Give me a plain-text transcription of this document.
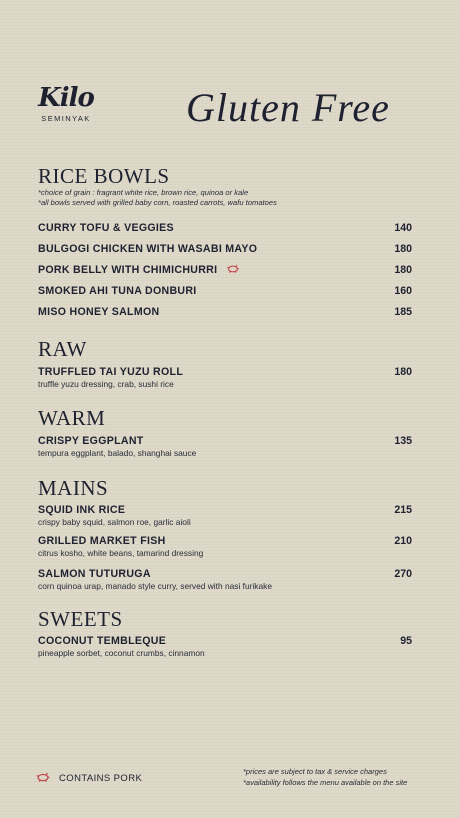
Kilo
SEMINYAK Gluten Free
RICE BOWLS
*choice of grain : fragrant white rice, brown rice, quinoa or kale
*all bowls served with grilled baby corn, roasted carrots, wafu tomatoes
CURRY TOFU & VEGGIES	140
BULGOGI CHICKEN WITH WASABI MAYO	180
PORK BELLY WITH CHIMICHURRI	180
SMOKED AHI TUNA DONBURI	160
MISO HONEY SALMON	185
RAW
TRUFFLED TAI YUZU ROLL	180
truffle yuzu dressing, crab, sushi rice
WARM
CRISPY EGGPLANT	135
tempura eggplant, balado, shanghai sauce
MAINS
SQUID INK RICE	215
crispy baby squid, salmon roe, garlic aioli
GRILLED MARKET FISH	210
citrus kosho, white beans, tamarind dressing
SALMON TUTURUGA	270
corn quinoa urap, manado style curry, served with nasi furikake
SWEETS
COCONUT TEMBLEQUE	95
pineapple sorbet, coconut crumbs, cinnamon
CONTAINS PORK
*prices are subject to tax & service charges
*availability follows the menu available on the site
